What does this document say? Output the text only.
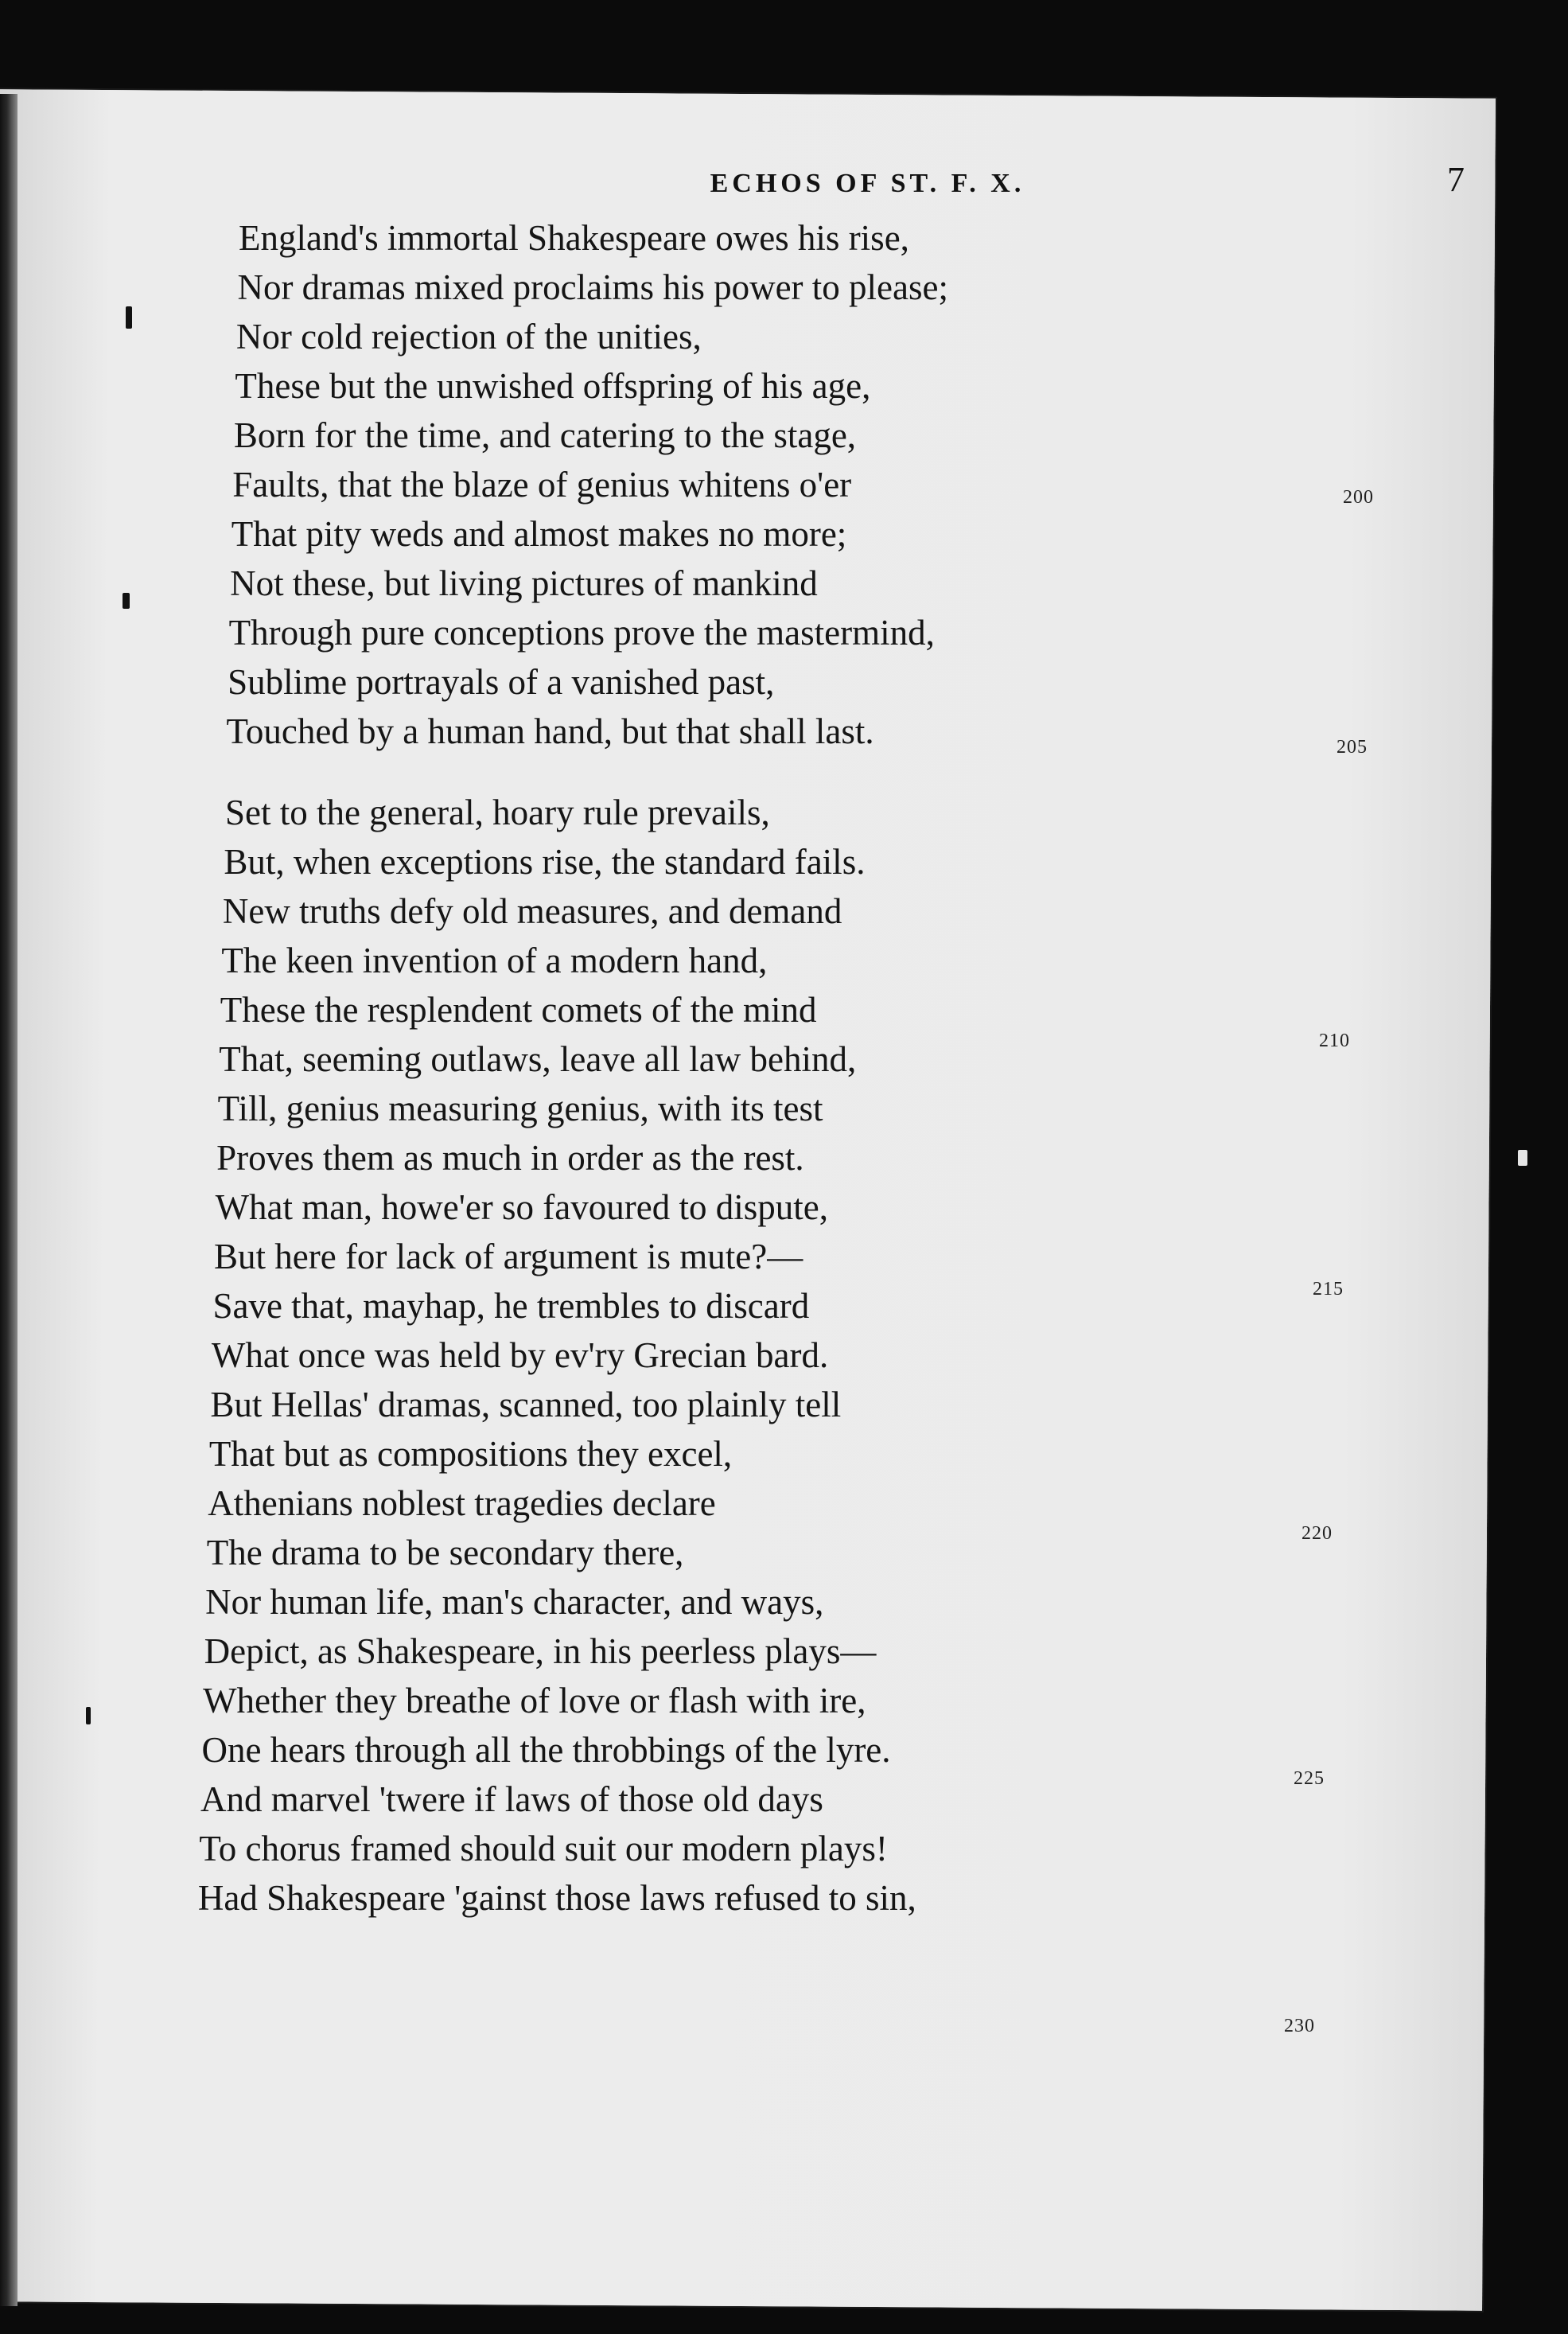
ECHOS OF ST. F. X.	7
England's immortal Shakespeare owes his rise,
Nor dramas mixed proclaims his power to please;
Nor cold rejection of the unities,
These but the unwished offspring of his age,
Born for the time, and catering to the stage,
Faults, that the blaze of genius whitens o'er
That pity weds and almost makes no more;
Not these, but living pictures of mankind
Through pure conceptions prove the mastermind,
Sublime portrayals of a vanished past,
Touched by a human hand, but that shall last.
Set to the general, hoary rule prevails,
But, when exceptions rise, the standard fails.
New truths defy old measures, and demand
The keen invention of a modern hand,
These the resplendent comets of the mind
That, seeming outlaws, leave all law behind,
Till, genius measuring genius, with its test
Proves them as much in order as the rest.
What man, howe'er so favoured to dispute,
But here for lack of argument is mute?—
Save that, mayhap, he trembles to discard
What once was held by ev'ry Grecian bard.
But Hellas' dramas, scanned, too plainly tell
That but as compositions they excel,
Athenians noblest tragedies declare
The drama to be secondary there,
Nor human life, man's character, and ways,
Depict, as Shakespeare, in his peerless plays—
Whether they breathe of love or flash with ire,
One hears through all the throbbings of the lyre.
And marvel 'twere if laws of those old days
To chorus framed should suit our modern plays!
Had Shakespeare 'gainst those laws refused to sin,
200
205
210
215
220
225
230
